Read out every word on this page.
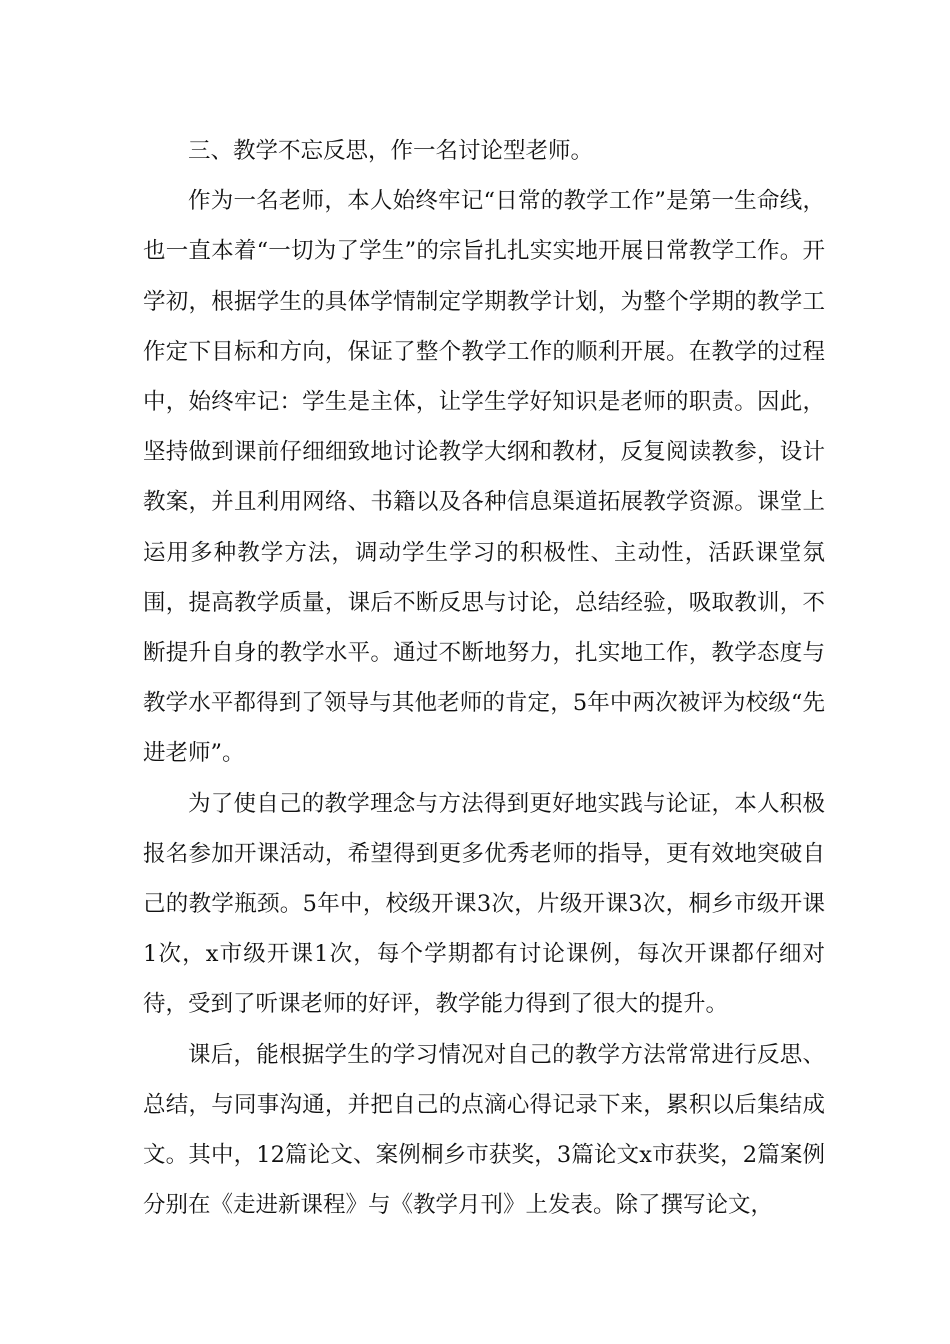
三、教学不忘反思，作一名讨论型老师。

作为一名老师，本人始终牢记“日常的教学工作”是第一生命线，也一直本着“一切为了学生”的宗旨扎扎实实地开展日常教学工作。开学初，根据学生的具体学情制定学期教学计划，为整个学期的教学工作定下目标和方向，保证了整个教学工作的顺利开展。在教学的过程中，始终牢记：学生是主体，让学生学好知识是老师的职责。因此，坚持做到课前仔细细致地讨论教学大纲和教材，反复阅读教参，设计教案，并且利用网络、书籍以及各种信息渠道拓展教学资源。课堂上运用多种教学方法，调动学生学习的积极性、主动性，活跃课堂氛围，提高教学质量，课后不断反思与讨论，总结经验，吸取教训，不断提升自身的教学水平。通过不断地努力，扎实地工作，教学态度与教学水平都得到了领导与其他老师的肯定，5年中两次被评为校级“先进老师”。

为了使自己的教学理念与方法得到更好地实践与论证，本人积极报名参加开课活动，希望得到更多优秀老师的指导，更有效地突破自己的教学瓶颈。5年中，校级开课3次，片级开课3次，桐乡市级开课1次，x市级开课1次，每个学期都有讨论课例，每次开课都仔细对待，受到了听课老师的好评，教学能力得到了很大的提升。

课后，能根据学生的学习情况对自己的教学方法常常进行反思、总结，与同事沟通，并把自己的点滴心得记录下来，累积以后集结成文。其中，12篇论文、案例桐乡市获奖，3篇论文x市获奖，2篇案例分别在《走进新课程》与《教学月刊》上发表。除了撰写论文，
